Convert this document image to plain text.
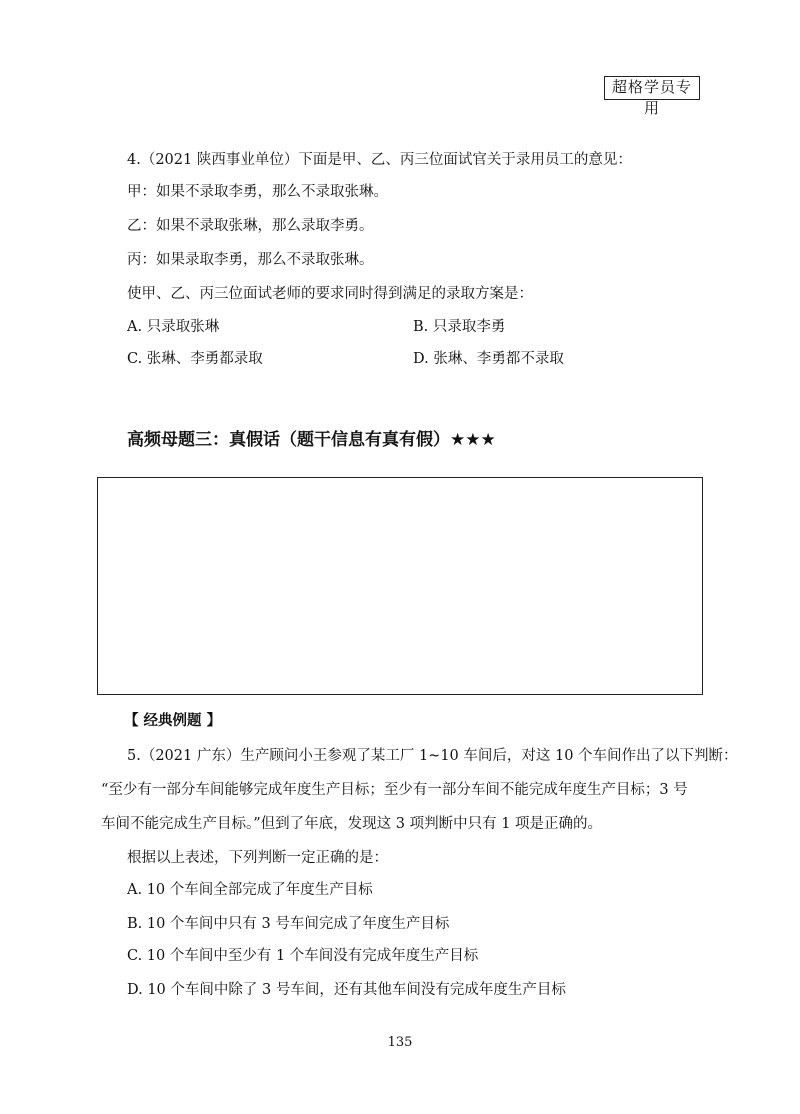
超格学员专用
4.（2021 陕西事业单位）下面是甲、乙、丙三位面试官关于录用员工的意见：
甲：如果不录取李勇，那么不录取张琳。
乙：如果不录取张琳，那么录取李勇。
丙：如果录取李勇，那么不录取张琳。
使甲、乙、丙三位面试老师的要求同时得到满足的录取方案是：
A. 只录取张琳	B. 只录取李勇
C. 张琳、李勇都录取	D. 张琳、李勇都不录取
高频母题三：真假话（题干信息有真有假）★★★
【 经典例题 】
5.（2021 广东）生产顾问小王参观了某工厂 1~10 车间后，对这 10 个车间作出了以下判断：
“至少有一部分车间能够完成年度生产目标；至少有一部分车间不能完成年度生产目标；3 号
车间不能完成生产目标。”但到了年底，发现这 3 项判断中只有 1 项是正确的。
根据以上表述，下列判断一定正确的是：
A. 10 个车间全部完成了年度生产目标
B. 10 个车间中只有 3 号车间完成了年度生产目标
C. 10 个车间中至少有 1 个车间没有完成年度生产目标
D. 10 个车间中除了 3 号车间，还有其他车间没有完成年度生产目标
135
